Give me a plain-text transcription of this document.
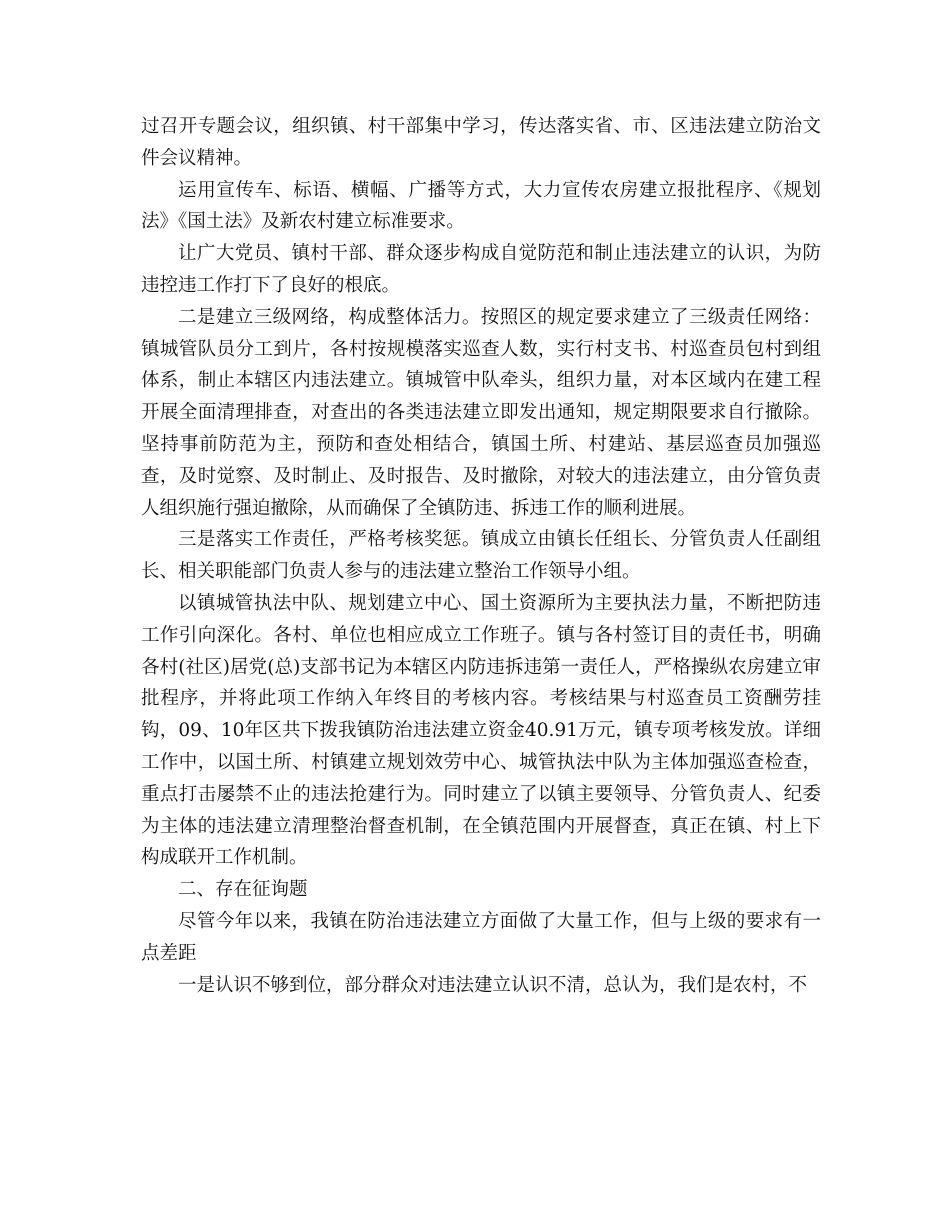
过召开专题会议，组织镇、村干部集中学习，传达落实省、市、区违法建立防治文件会议精神。

运用宣传车、标语、横幅、广播等方式，大力宣传农房建立报批程序、《规划法》《国土法》及新农村建立标准要求。

让广大党员、镇村干部、群众逐步构成自觉防范和制止违法建立的认识，为防违控违工作打下了良好的根底。

二是建立三级网络，构成整体活力。按照区的规定要求建立了三级责任网络：镇城管队员分工到片，各村按规模落实巡查人数，实行村支书、村巡查员包村到组体系，制止本辖区内违法建立。镇城管中队牵头，组织力量，对本区域内在建工程开展全面清理排查，对查出的各类违法建立即发出通知，规定期限要求自行撤除。坚持事前防范为主，预防和查处相结合，镇国土所、村建站、基层巡查员加强巡查，及时觉察、及时制止、及时报告、及时撤除，对较大的违法建立，由分管负责人组织施行强迫撤除，从而确保了全镇防违、拆违工作的顺利进展。

三是落实工作责任，严格考核奖惩。镇成立由镇长任组长、分管负责人任副组长、相关职能部门负责人参与的违法建立整治工作领导小组。

以镇城管执法中队、规划建立中心、国土资源所为主要执法力量，不断把防违工作引向深化。各村、单位也相应成立工作班子。镇与各村签订目的责任书，明确各村(社区)居党(总)支部书记为本辖区内防违拆违第一责任人，严格操纵农房建立审批程序，并将此项工作纳入年终目的考核内容。考核结果与村巡查员工资酬劳挂钩，09、10年区共下拨我镇防治违法建立资金40.91万元，镇专项考核发放。详细工作中，以国土所、村镇建立规划效劳中心、城管执法中队为主体加强巡查检查，重点打击屡禁不止的违法抢建行为。同时建立了以镇主要领导、分管负责人、纪委为主体的违法建立清理整治督查机制，在全镇范围内开展督查，真正在镇、村上下构成联开工作机制。

二、存在征询题

尽管今年以来，我镇在防治违法建立方面做了大量工作，但与上级的要求有一点差距

一是认识不够到位，部分群众对违法建立认识不清，总认为，我们是农村，不
